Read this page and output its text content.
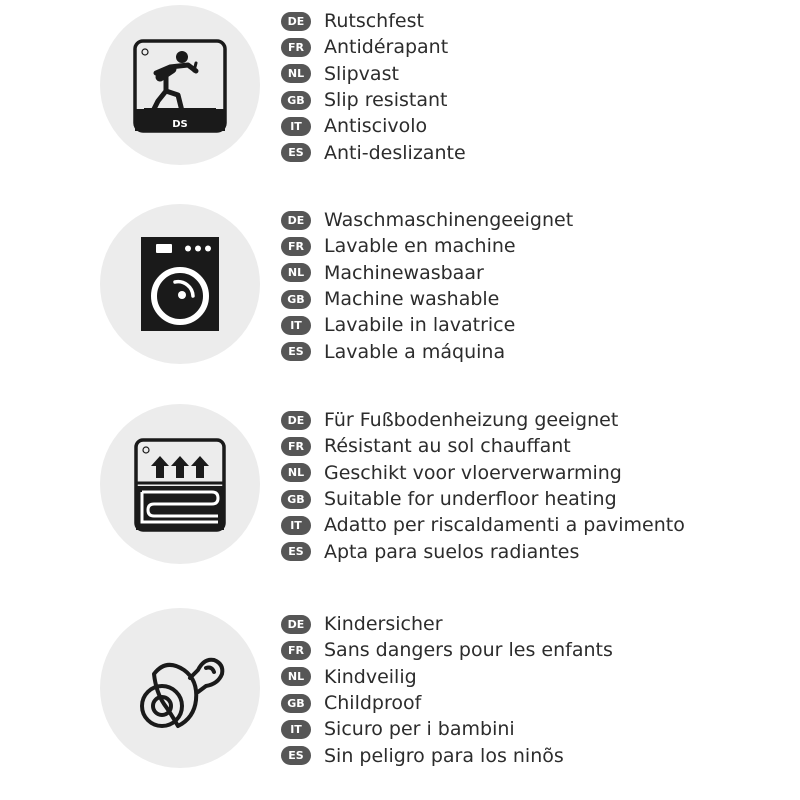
DS
DE	Rutschfest
FR	Antidérapant
NL	Slipvast
GB	Slip resistant
IT	Antiscivolo
ES	Anti-deslizante
DE	Waschmaschinengeeignet
FR	Lavable en machine
NL	Machinewasbaar
GB	Machine washable
IT	Lavabile in lavatrice
ES	Lavable a máquina
DE	Für Fußbodenheizung geeignet
FR	Résistant au sol chauffant
NL	Geschikt voor vloerverwarming
GB	Suitable for underfloor heating
IT	Adatto per riscaldamenti a pavimento
ES	Apta para suelos radiantes
DE	Kindersicher
FR	Sans dangers pour les enfants
NL	Kindveilig
GB	Childproof
IT	Sicuro per i bambini
ES	Sin peligro para los ninõs
